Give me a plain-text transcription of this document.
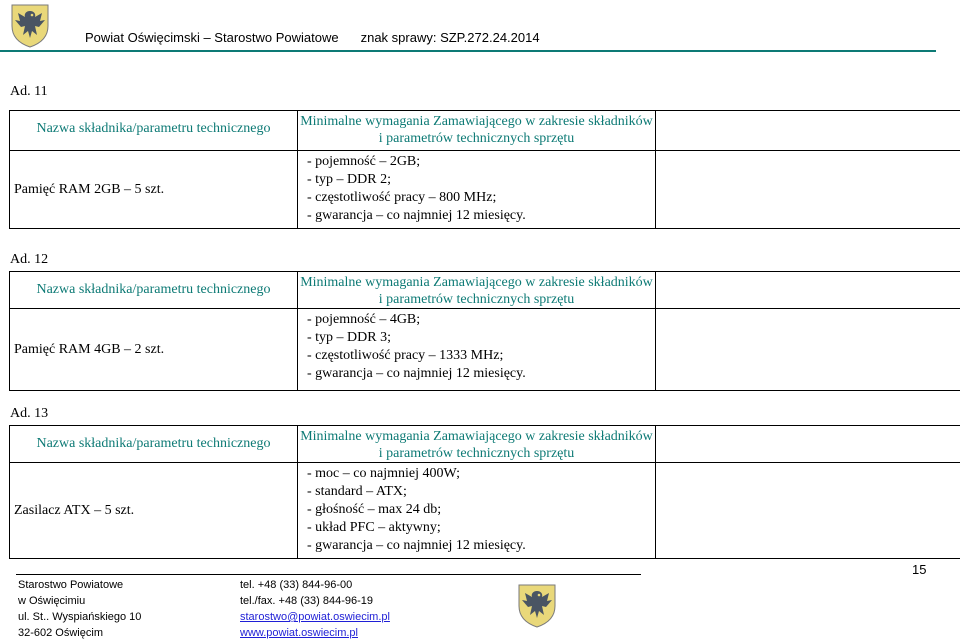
Powiat Oświęcimski – Starostwo Powiatowe znak sprawy: SZP.272.24.2014
Ad. 11
Nazwa składnika/parametru technicznego	Minimalne wymagania Zamawiającego w zakresie składników i parametrów technicznych sprzętu	
Pamięć RAM 2GB – 5 szt.	- pojemność – 2GB;
- typ – DDR 2;
- częstotliwość pracy – 800 MHz;
- gwarancja – co najmniej 12 miesięcy.	

Ad. 12
Nazwa składnika/parametru technicznego	Minimalne wymagania Zamawiającego w zakresie składników i parametrów technicznych sprzętu	
Pamięć RAM 4GB – 2 szt.	- pojemność – 4GB;
- typ – DDR 3;
- częstotliwość pracy – 1333 MHz;
- gwarancja – co najmniej 12 miesięcy.	

Ad. 13
Nazwa składnika/parametru technicznego	Minimalne wymagania Zamawiającego w zakresie składników i parametrów technicznych sprzętu	
Zasilacz ATX – 5 szt.	- moc – co najmniej 400W;
- standard – ATX;
- głośność – max 24 db;
- układ PFC – aktywny;
- gwarancja – co najmniej 12 miesięcy.	

15
Starostwo Powiatowe
w Oświęcimiu
ul. St.. Wyspiańskiego 10
32-602 Oświęcim
tel. +48 (33) 844-96-00
tel./fax. +48 (33) 844-96-19
starostwo@powiat.oswiecim.pl
www.powiat.oswiecim.pl
